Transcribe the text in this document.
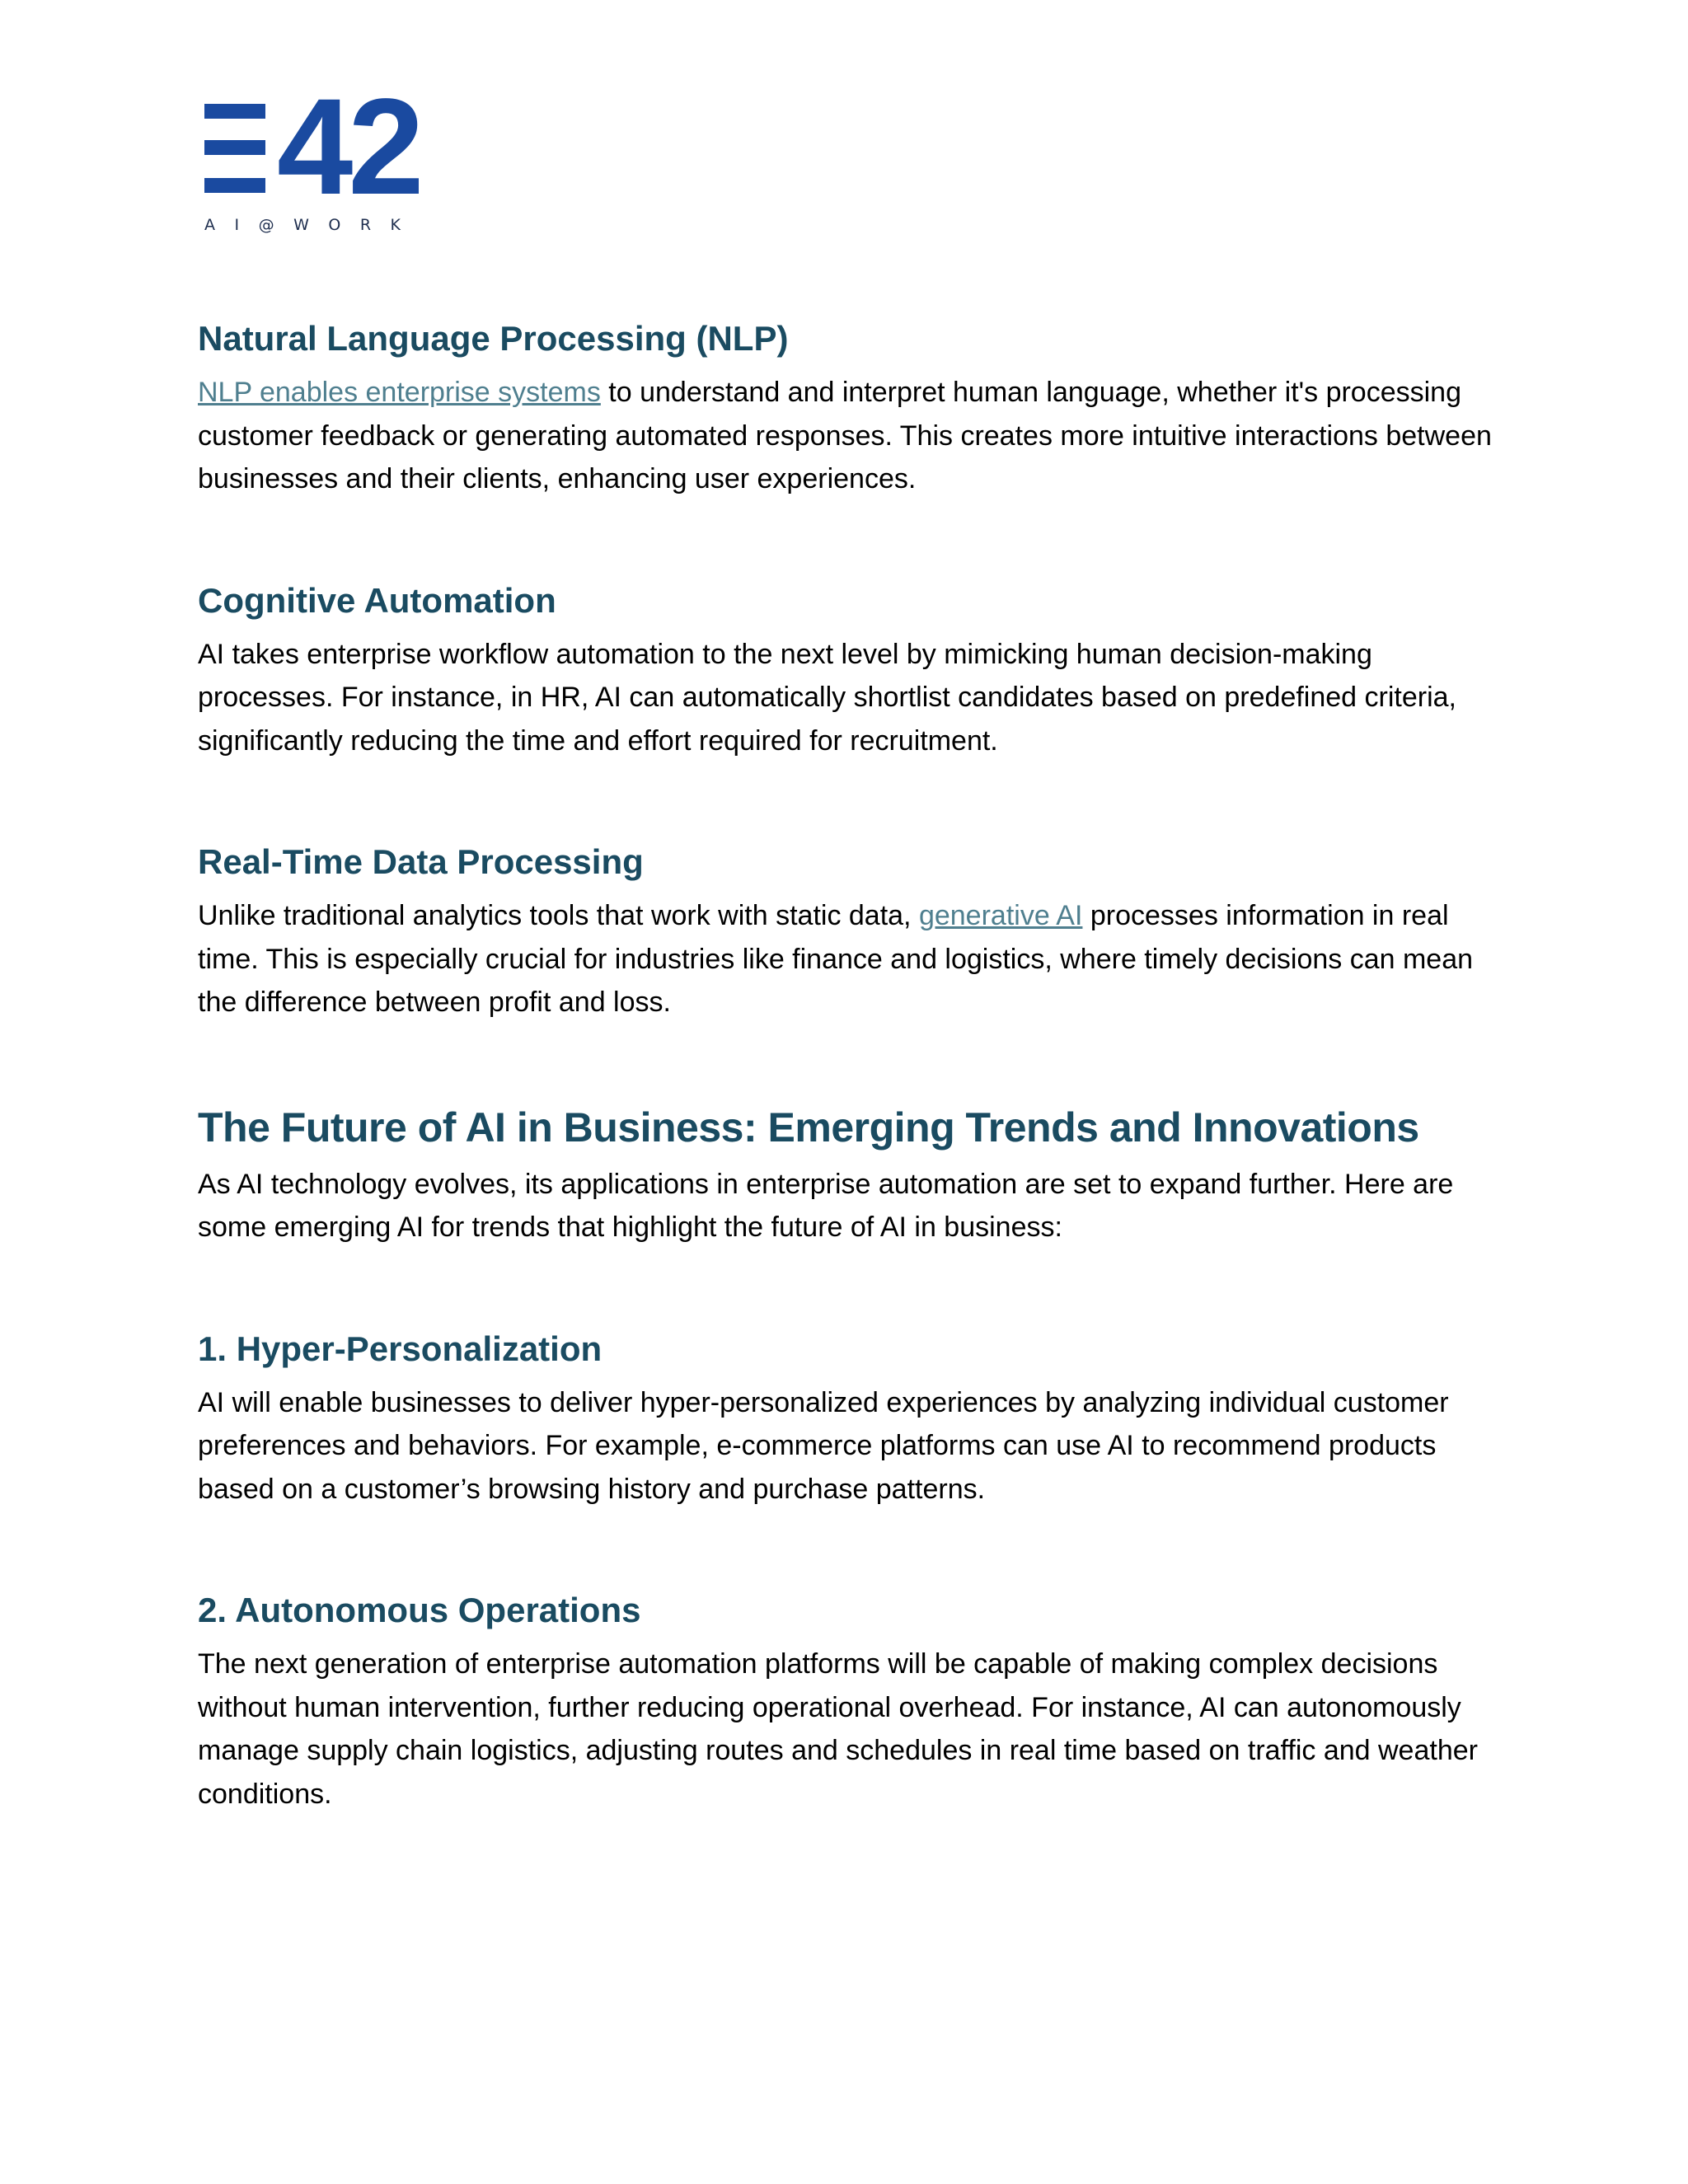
42
AI@WORK
Natural Language Processing (NLP)

NLP enables enterprise systems to understand and interpret human language, whether it's processing customer feedback or generating automated responses. This creates more intuitive interactions between businesses and their clients, enhancing user experiences.

Cognitive Automation

AI takes enterprise workflow automation to the next level by mimicking human decision-making processes. For instance, in HR, AI can automatically shortlist candidates based on predefined criteria, significantly reducing the time and effort required for recruitment.

Real-Time Data Processing

Unlike traditional analytics tools that work with static data, generative AI processes information in real time. This is especially crucial for industries like finance and logistics, where timely decisions can mean the difference between profit and loss.

The Future of AI in Business: Emerging Trends and Innovations

As AI technology evolves, its applications in enterprise automation are set to expand further. Here are some emerging AI for trends that highlight the future of AI in business:

1. Hyper-Personalization

AI will enable businesses to deliver hyper-personalized experiences by analyzing individual customer preferences and behaviors. For example, e-commerce platforms can use AI to recommend products based on a customer’s browsing history and purchase patterns.

2. Autonomous Operations

The next generation of enterprise automation platforms will be capable of making complex decisions without human intervention, further reducing operational overhead. For instance, AI can autonomously manage supply chain logistics, adjusting routes and schedules in real time based on traffic and weather conditions.
